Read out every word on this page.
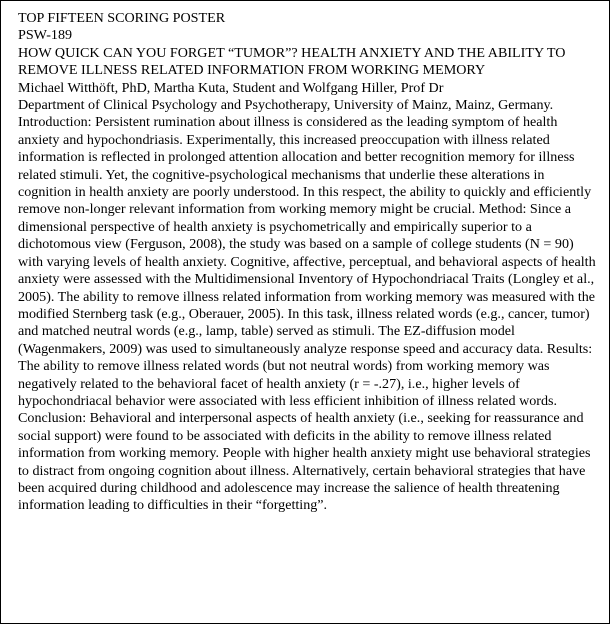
TOP FIFTEEN SCORING POSTER
PSW-189
HOW QUICK CAN YOU FORGET “TUMOR”? HEALTH ANXIETY AND THE ABILITY TO REMOVE ILLNESS RELATED INFORMATION FROM WORKING MEMORY
Michael Witthöft, PhD, Martha Kuta, Student and Wolfgang Hiller, Prof Dr
Department of Clinical Psychology and Psychotherapy, University of Mainz, Mainz, Germany.
Introduction: Persistent rumination about illness is considered as the leading symptom of health anxiety and hypochondriasis. Experimentally, this increased preoccupation with illness related information is reflected in prolonged attention allocation and better recognition memory for illness related stimuli. Yet, the cognitive-psychological mechanisms that underlie these alterations in cognition in health anxiety are poorly understood. In this respect, the ability to quickly and efficiently remove non-longer relevant information from working memory might be crucial. Method: Since a dimensional perspective of health anxiety is psychometrically and empirically superior to a dichotomous view (Ferguson, 2008), the study was based on a sample of college students (N = 90) with varying levels of health anxiety. Cognitive, affective, perceptual, and behavioral aspects of health anxiety were assessed with the Multidimensional Inventory of Hypochondriacal Traits (Longley et al., 2005). The ability to remove illness related information from working memory was measured with the modified Sternberg task (e.g., Oberauer, 2005). In this task, illness related words (e.g., cancer, tumor) and matched neutral words (e.g., lamp, table) served as stimuli. The EZ-diffusion model (Wagenmakers, 2009) was used to simultaneously analyze response speed and accuracy data. Results: The ability to remove illness related words (but not neutral words) from working memory was negatively related to the behavioral facet of health anxiety (r = -.27), i.e., higher levels of hypochondriacal behavior were associated with less efficient inhibition of illness related words. Conclusion: Behavioral and interpersonal aspects of health anxiety (i.e., seeking for reassurance and social support) were found to be associated with deficits in the ability to remove illness related information from working memory. People with higher health anxiety might use behavioral strategies to distract from ongoing cognition about illness. Alternatively, certain behavioral strategies that have been acquired during childhood and adolescence may increase the salience of health threatening information leading to difficulties in their “forgetting”.
